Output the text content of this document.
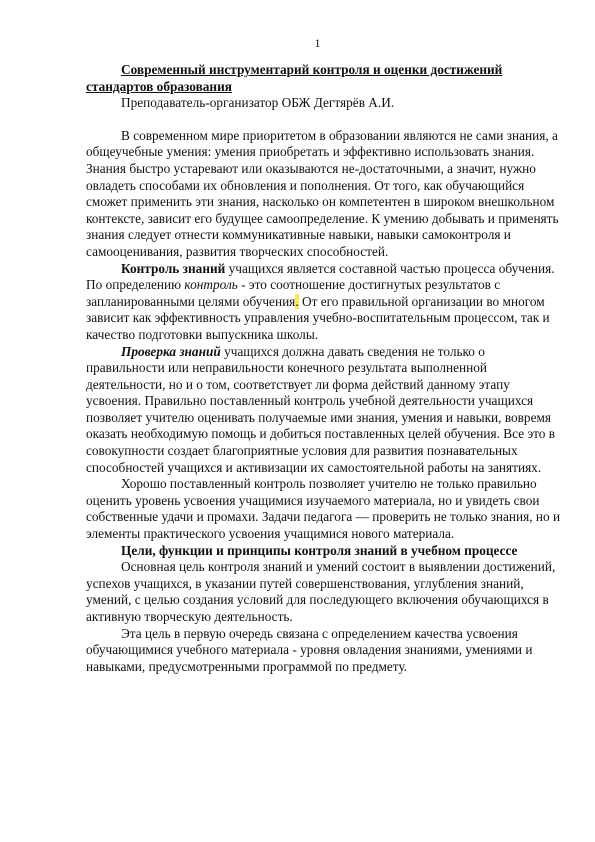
1

Современный инструментарий контроля и оценки достижений стандартов образования

Преподаватель-организатор ОБЖ Дегтярёв А.И.

В современном мире приоритетом в образовании являются не сами знания, а общеучебные умения: умения приобретать и эффективно использовать знания. Знания быстро устаревают или оказываются не-достаточными, а значит, нужно овладеть способами их обновления и пополнения. От того, как обучающийся сможет применить эти знания, насколько он компетентен в широком внешкольном контексте, зависит его будущее самоопределение. К умению добывать и применять знания следует отнести коммуникативные навыки, навыки самоконтроля и самооценивания, развития творческих способностей.

Контроль знаний учащихся является составной частью процесса обучения. По определению контроль - это соотношение достигнутых результатов с запланированными целями обучения. От его правильной организации во многом зависит как эффективность управления учебно-воспитательным процессом, так и качество подготовки выпускника школы.

Проверка знаний учащихся должна давать сведения не только о правильности или неправильности конечного результата выполненной деятельности, но и о том, соответствует ли форма действий данному этапу усвоения. Правильно поставленный контроль учебной деятельности учащихся позволяет учителю оценивать получаемые ими знания, умения и навыки, вовремя оказать необходимую помощь и добиться поставленных целей обучения. Все это в совокупности создает благоприятные условия для развития познавательных способностей учащихся и активизации их самостоятельной работы на занятиях.

Хорошо поставленный контроль позволяет учителю не только правильно оценить уровень усвоения учащимися изучаемого материала, но и увидеть свои собственные удачи и промахи. Задачи педагога — проверить не только знания, но и элементы практического усвоения учащимися нового материала.

Цели, функции и принципы контроля знаний в учебном процессе

Основная цель контроля знаний и умений состоит в выявлении достижений, успехов учащихся, в указании путей совершенствования, углубления знаний, умений, с целью создания условий для последующего включения обучающихся в активную творческую деятельность.

Эта цель в первую очередь связана с определением качества усвоения обучающимися учебного материала - уровня овладения знаниями, умениями и навыками, предусмотренными программой по предмету.
